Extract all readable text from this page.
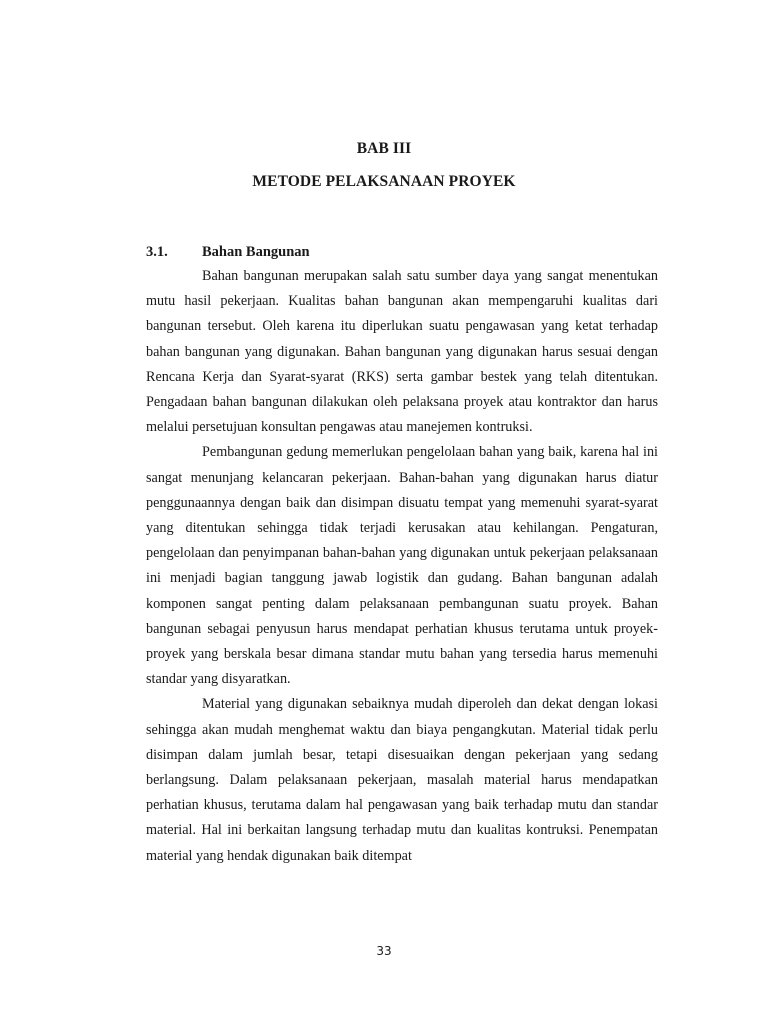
BAB III
METODE PELAKSANAAN PROYEK
3.1. Bahan Bangunan

Bahan bangunan merupakan salah satu sumber daya yang sangat menentukan mutu hasil pekerjaan. Kualitas bahan bangunan akan mempengaruhi kualitas dari bangunan tersebut. Oleh karena itu diperlukan suatu pengawasan yang ketat terhadap bahan bangunan yang digunakan. Bahan bangunan yang digunakan harus sesuai dengan Rencana Kerja dan Syarat-syarat (RKS) serta gambar bestek yang telah ditentukan. Pengadaan bahan bangunan dilakukan oleh pelaksana proyek atau kontraktor dan harus melalui persetujuan konsultan pengawas atau manejemen kontruksi.

Pembangunan gedung memerlukan pengelolaan bahan yang baik, karena hal ini sangat menunjang kelancaran pekerjaan. Bahan-bahan yang digunakan harus diatur penggunaannya dengan baik dan disimpan disuatu tempat yang memenuhi syarat-syarat yang ditentukan sehingga tidak terjadi kerusakan atau kehilangan. Pengaturan, pengelolaan dan penyimpanan bahan-bahan yang digunakan untuk pekerjaan pelaksanaan ini menjadi bagian tanggung jawab logistik dan gudang. Bahan bangunan adalah komponen sangat penting dalam pelaksanaan pembangunan suatu proyek. Bahan bangunan sebagai penyusun harus mendapat perhatian khusus terutama untuk proyek-proyek yang berskala besar dimana standar mutu bahan yang tersedia harus memenuhi standar yang disyaratkan.

Material yang digunakan sebaiknya mudah diperoleh dan dekat dengan lokasi sehingga akan mudah menghemat waktu dan biaya pengangkutan. Material tidak perlu disimpan dalam jumlah besar, tetapi disesuaikan dengan pekerjaan yang sedang berlangsung. Dalam pelaksanaan pekerjaan, masalah material harus mendapatkan perhatian khusus, terutama dalam hal pengawasan yang baik terhadap mutu dan standar material. Hal ini berkaitan langsung terhadap mutu dan kualitas kontruksi. Penempatan material yang hendak digunakan baik ditempat

33
